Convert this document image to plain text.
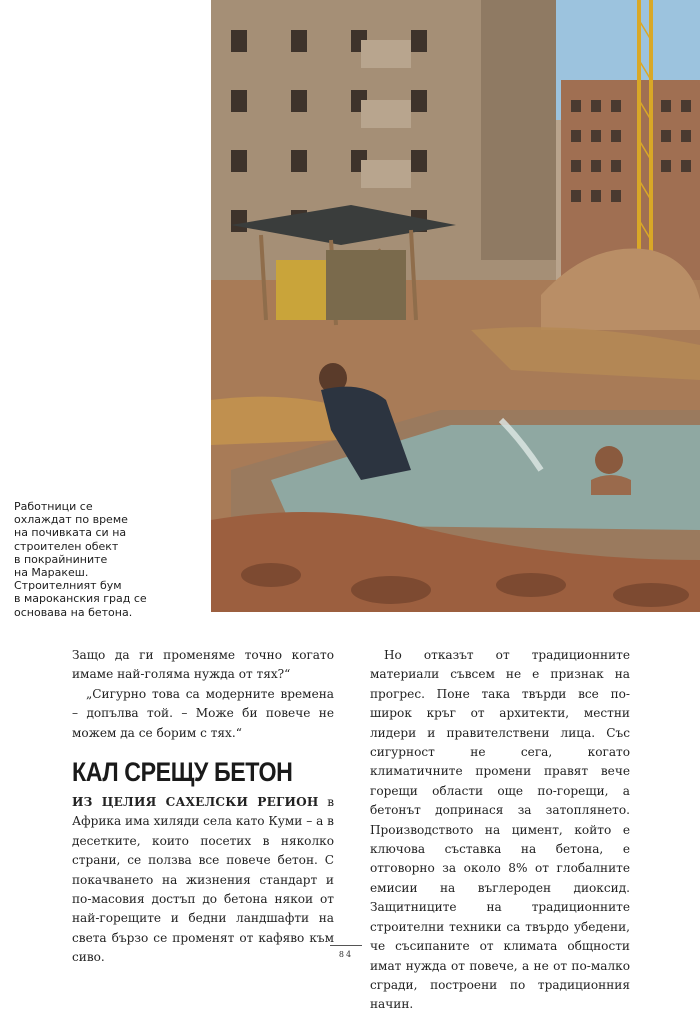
Работници се
охлаждат по време
на почивката си на
строителен обект
в покрайнините
на Маракеш.
Строителният бум
в мароканския град се
основава на бетона.

Защо да ги променяме точно когато имаме най-голяма нужда от тях?“

„Сигурно това са модерните времена – допълва той. – Може би повече не можем да се борим с тях.“

КАЛ СРЕЩУ БЕТОН

ИЗ ЦЕЛИЯ САХЕЛСКИ РЕГИОН в Африка има хиляди села като Куми – а в десетките, които посетих в няколко страни, се ползва все повече бетон. С покачването на жизнения стандарт и по-масовия достъп до бетона някои от най-горещите и бедни ландшафти на света бързо се променят от кафяво към сиво.

Но отказът от традиционните материали съвсем не е признак на прогрес. Поне така твърди все по-широк кръг от архитекти, местни лидери и правителствени лица. Със сигурност не сега, когато климатичните промени правят вече горещи области още по-горещи, а бетонът допринася за затоплянето. Производството на цимент, който е ключова съставка на бетона, е отговорно за около 8% от глобалните емисии на въглероден диоксид. Защитниците на традиционните строителни техники са твърдо убедени, че съсипаните от климата общности имат нужда от повече, а не от по-малко сгради, построени по традиционния начин.

84
